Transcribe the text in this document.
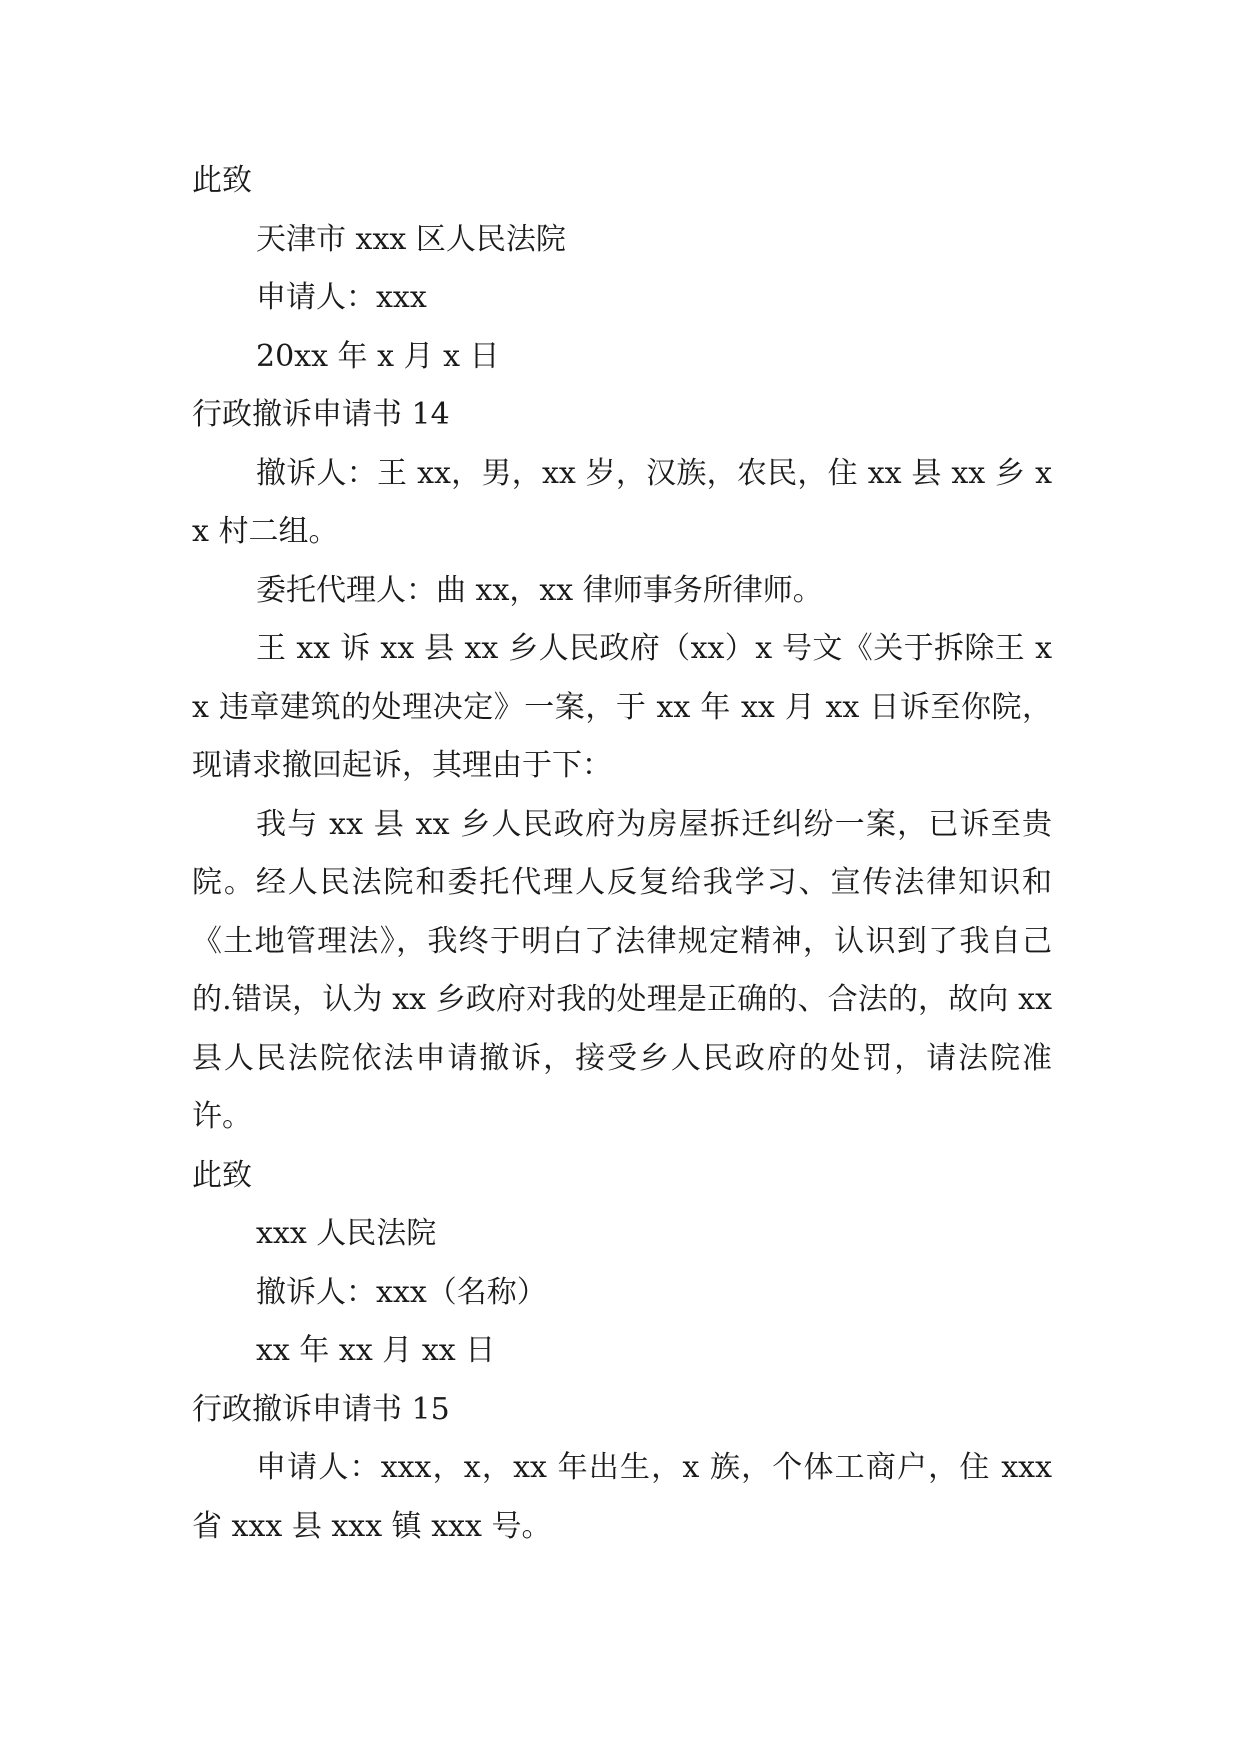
此致

天津市 xxx 区人民法院

申请人：xxx

20xx 年 x 月 x 日

行政撤诉申请书 14

撤诉人：王 xx，男，xx 岁，汉族，农民，住 xx 县 xx 乡 xx 村二组。

委托代理人：曲 xx，xx 律师事务所律师。

王 xx 诉 xx 县 xx 乡人民政府（xx）x 号文《关于拆除王 xx 违章建筑的处理决定》一案，于 xx 年 xx 月 xx 日诉至你院，现请求撤回起诉，其理由于下：

我与 xx 县 xx 乡人民政府为房屋拆迁纠纷一案，已诉至贵院。经人民法院和委托代理人反复给我学习、宣传法律知识和《土地管理法》，我终于明白了法律规定精神，认识到了我自己的.错误，认为 xx 乡政府对我的处理是正确的、合法的，故向 xx 县人民法院依法申请撤诉，接受乡人民政府的处罚，请法院准许。

此致

xxx 人民法院

撤诉人：xxx（名称）

xx 年 xx 月 xx 日

行政撤诉申请书 15

申请人：xxx，x，xx 年出生，x 族，个体工商户，住 xxx 省 xxx 县 xxx 镇 xxx 号。
